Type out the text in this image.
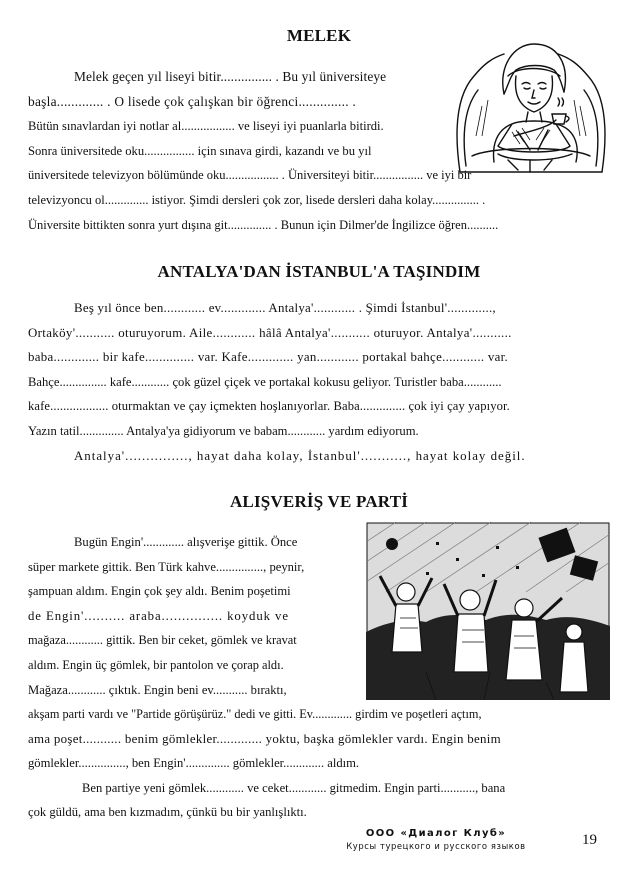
MELEK

Melek geçen yıl liseyi bitir............... . Bu yıl üniversiteye

başla............. . O lisede çok çalışkan bir öğrenci.............. .

Bütün sınavlardan iyi notlar al................. ve liseyi iyi puanlarla bitirdi.

Sonra üniversitede oku................ için sınava girdi, kazandı ve bu yıl

üniversitede televizyon bölümünde oku................. . Üniversiteyi bitir................ ve iyi bir

televizyoncu ol.............. istiyor. Şimdi dersleri çok zor, lisede dersleri daha kolay............... .

Üniversite bittikten sonra yurt dışına git.............. . Bunun için Dilmer'de İngilizce öğren..........

ANTALYA'DAN İSTANBUL'A TAŞINDIM

Beş yıl önce ben............ ev............. Antalya'............ . Şimdi İstanbul'.............,

Ortaköy'........... oturuyorum. Aile............ hâlâ Antalya'........... oturuyor. Antalya'...........

baba............. bir kafe.............. var. Kafe............. yan............ portakal bahçe............ var.

Bahçe............... kafe............ çok güzel çiçek ve portakal kokusu geliyor. Turistler baba............

kafe.................. oturmaktan ve çay içmekten hoşlanıyorlar. Baba.............. çok iyi çay yapıyor.

Yazın tatil.............. Antalya'ya gidiyorum ve babam............ yardım ediyorum.

Antalya'..............., hayat daha kolay, İstanbul'..........., hayat kolay değil.

ALIŞVERİŞ VE PARTİ

Bugün Engin'............. alışverişe gittik. Önce

süper markete gittik. Ben Türk kahve..............., peynir,

şampuan aldım. Engin çok şey aldı. Benim poşetimi

de Engin'.......... araba............... koyduk ve

mağaza............ gittik. Ben bir ceket, gömlek ve kravat

aldım. Engin üç gömlek, bir pantolon ve çorap aldı.

Mağaza............ çıktık. Engin beni ev........... bıraktı,

akşam parti vardı ve "Partide görüşürüz." dedi ve gitti. Ev............. girdim ve poşetleri açtım,

ama poşet........... benim gömlekler............. yoktu, başka gömlekler vardı. Engin benim

gömlekler..............., ben Engin'.............. gömlekler............. aldım.

Ben partiye yeni gömlek............ ve ceket............ gitmedim. Engin parti..........., bana

çok güldü, ama ben kızmadım, çünkü bu bir yanlışlıktı.

ООО «Диалог Клуб»
Курсы турецкого и русского языков	19
